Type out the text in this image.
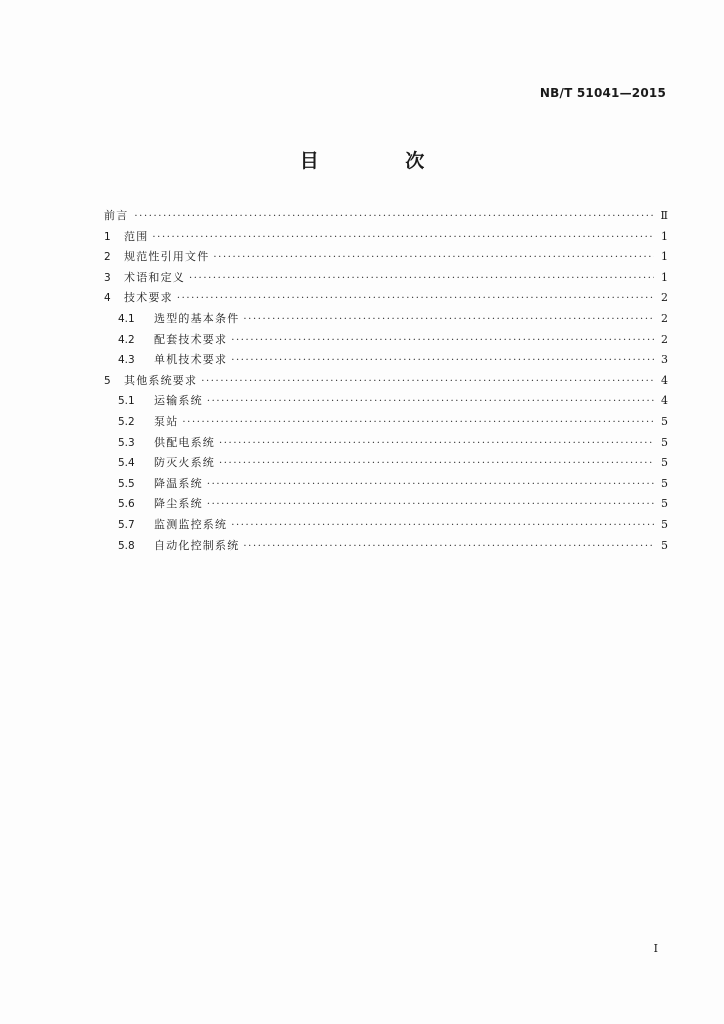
NB/T 51041—2015
目 次
前言 ·····	Ⅱ
1	范围 ·····	1
2	规范性引用文件 ·····	1
3	术语和定义 ·····	1
4	技术要求 ·····	2
4.1	选型的基本条件 ·····	2
4.2	配套技术要求 ·····	2
4.3	单机技术要求 ·····	3
5	其他系统要求 ·····	4
5.1	运输系统 ·····	4
5.2	泵站 ·····	5
5.3	供配电系统 ·····	5
5.4	防灭火系统 ·····	5
5.5	降温系统 ·····	5
5.6	降尘系统 ·····	5
5.7	监测监控系统 ·····	5
5.8	自动化控制系统 ·····	5
I
